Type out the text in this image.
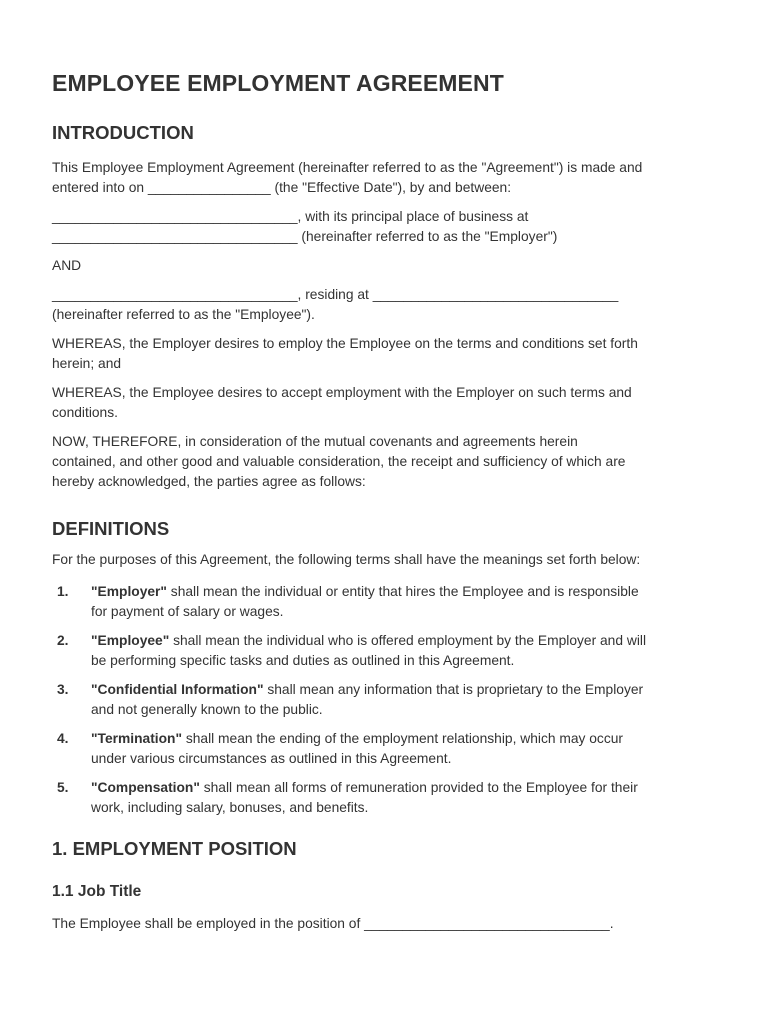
EMPLOYEE EMPLOYMENT AGREEMENT
INTRODUCTION

This Employee Employment Agreement (hereinafter referred to as the "Agreement") is made and
entered into on ________________ (the "Effective Date"), by and between:

________________________________, with its principal place of business at
________________________________ (hereinafter referred to as the "Employer")

AND

________________________________, residing at ________________________________
(hereinafter referred to as the "Employee").

WHEREAS, the Employer desires to employ the Employee on the terms and conditions set forth
herein; and

WHEREAS, the Employee desires to accept employment with the Employer on such terms and
conditions.

NOW, THEREFORE, in consideration of the mutual covenants and agreements herein
contained, and other good and valuable consideration, the receipt and sufficiency of which are
hereby acknowledged, the parties agree as follows:

DEFINITIONS

For the purposes of this Agreement, the following terms shall have the meanings set forth below:

1. "Employer" shall mean the individual or entity that hires the Employee and is responsible
for payment of salary or wages.
2. "Employee" shall mean the individual who is offered employment by the Employer and will
be performing specific tasks and duties as outlined in this Agreement.
3. "Confidential Information" shall mean any information that is proprietary to the Employer
and not generally known to the public.
4. "Termination" shall mean the ending of the employment relationship, which may occur
under various circumstances as outlined in this Agreement.
5. "Compensation" shall mean all forms of remuneration provided to the Employee for their
work, including salary, bonuses, and benefits.
1. EMPLOYMENT POSITION
1.1 Job Title

The Employee shall be employed in the position of ________________________________.
